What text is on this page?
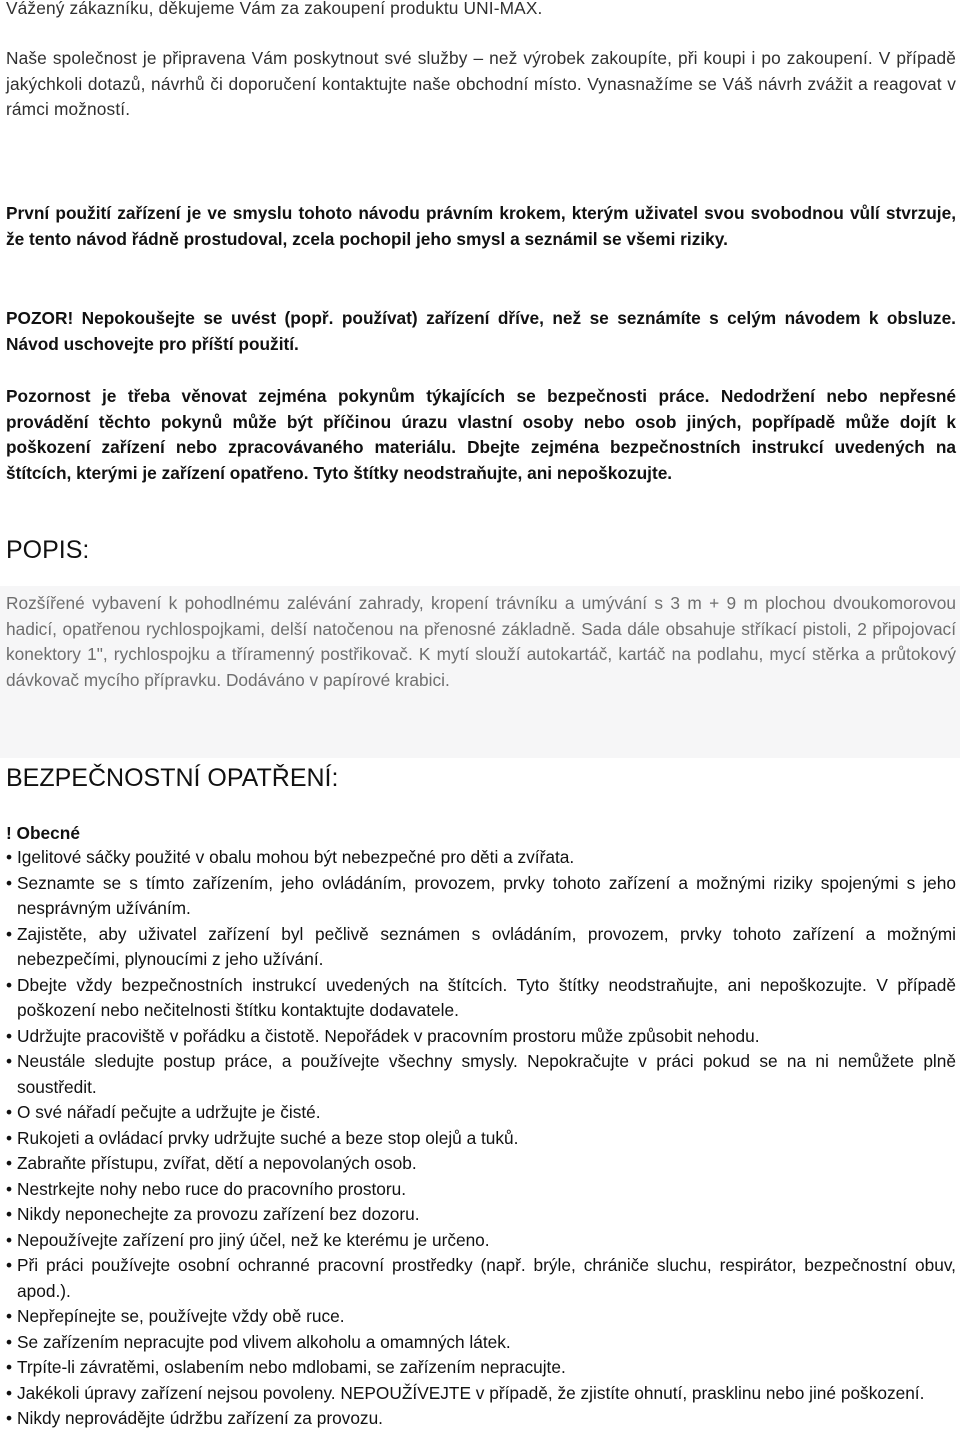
Vážený zákazníku, děkujeme Vám za zakoupení produktu UNI-MAX.

Naše společnost je připravena Vám poskytnout své služby – než výrobek zakoupíte, při koupi i po zakoupení. V případě jakýchkoli dotazů, návrhů či doporučení kontaktujte naše obchodní místo. Vynasnažíme se Váš návrh zvážit a reagovat v rámci možností.

První použití zařízení je ve smyslu tohoto návodu právním krokem, kterým uživatel svou svobodnou vůlí stvrzuje, že tento návod řádně prostudoval, zcela pochopil jeho smysl a seznámil se všemi riziky.

POZOR! Nepokoušejte se uvést (popř. používat) zařízení dříve, než se seznámíte s celým návodem k obsluze. Návod uschovejte pro příští použití.

Pozornost je třeba věnovat zejména pokynům týkajících se bezpečnosti práce. Nedodržení nebo nepřesné provádění těchto pokynů může být příčinou úrazu vlastní osoby nebo osob jiných, popřípadě může dojít k poškození zařízení nebo zpracovávaného materiálu. Dbejte zejména bezpečnostních instrukcí uvedených na štítcích, kterými je zařízení opatřeno. Tyto štítky neodstraňujte, ani nepoškozujte.

POPIS:

Rozšířené vybavení k pohodlnému zalévání zahrady, kropení trávníku a umývání s 3 m + 9 m plochou dvoukomorovou hadicí, opatřenou rychlospojkami, delší natočenou na přenosné základně. Sada dále obsahuje stříkací pistoli, 2 připojovací konektory 1", rychlospojku a tříramenný postřikovač. K mytí slouží autokartáč, kartáč na podlahu, mycí stěrka a průtokový dávkovač mycího přípravku. Dodáváno v papírové krabici.

BEZPEČNOSTNÍ OPATŘENÍ:
! Obecné
• Igelitové sáčky použité v obalu mohou být nebezpečné pro děti a zvířata.
• Seznamte se s tímto zařízením, jeho ovládáním, provozem, prvky tohoto zařízení a možnými riziky spojenými s jeho nesprávným užíváním.
• Zajistěte, aby uživatel zařízení byl pečlivě seznámen s ovládáním, provozem, prvky tohoto zařízení a možnými nebezpečími, plynoucími z jeho užívání.
• Dbejte vždy bezpečnostních instrukcí uvedených na štítcích. Tyto štítky neodstraňujte, ani nepoškozujte. V případě poškození nebo nečitelnosti štítku kontaktujte dodavatele.
• Udržujte pracoviště v pořádku a čistotě. Nepořádek v pracovním prostoru může způsobit nehodu.
• Neustále sledujte postup práce, a používejte všechny smysly. Nepokračujte v práci pokud se na ni nemůžete plně soustředit.
• O své nářadí pečujte a udržujte je čisté.
• Rukojeti a ovládací prvky udržujte suché a beze stop olejů a tuků.
• Zabraňte přístupu, zvířat, dětí a nepovolaných osob.
• Nestrkejte nohy nebo ruce do pracovního prostoru.
• Nikdy neponechejte za provozu zařízení bez dozoru.
• Nepoužívejte zařízení pro jiný účel, než ke kterému je určeno.
• Při práci používejte osobní ochranné pracovní prostředky (např. brýle, chrániče sluchu, respirátor, bezpečnostní obuv, apod.).
• Nepřepínejte se, používejte vždy obě ruce.
• Se zařízením nepracujte pod vlivem alkoholu a omamných látek.
• Trpíte-li závratěmi, oslabením nebo mdlobami, se zařízením nepracujte.
• Jakékoli úpravy zařízení nejsou povoleny. NEPOUŽÍVEJTE v případě, že zjistíte ohnutí, prasklinu nebo jiné poškození.
• Nikdy neprovádějte údržbu zařízení za provozu.
